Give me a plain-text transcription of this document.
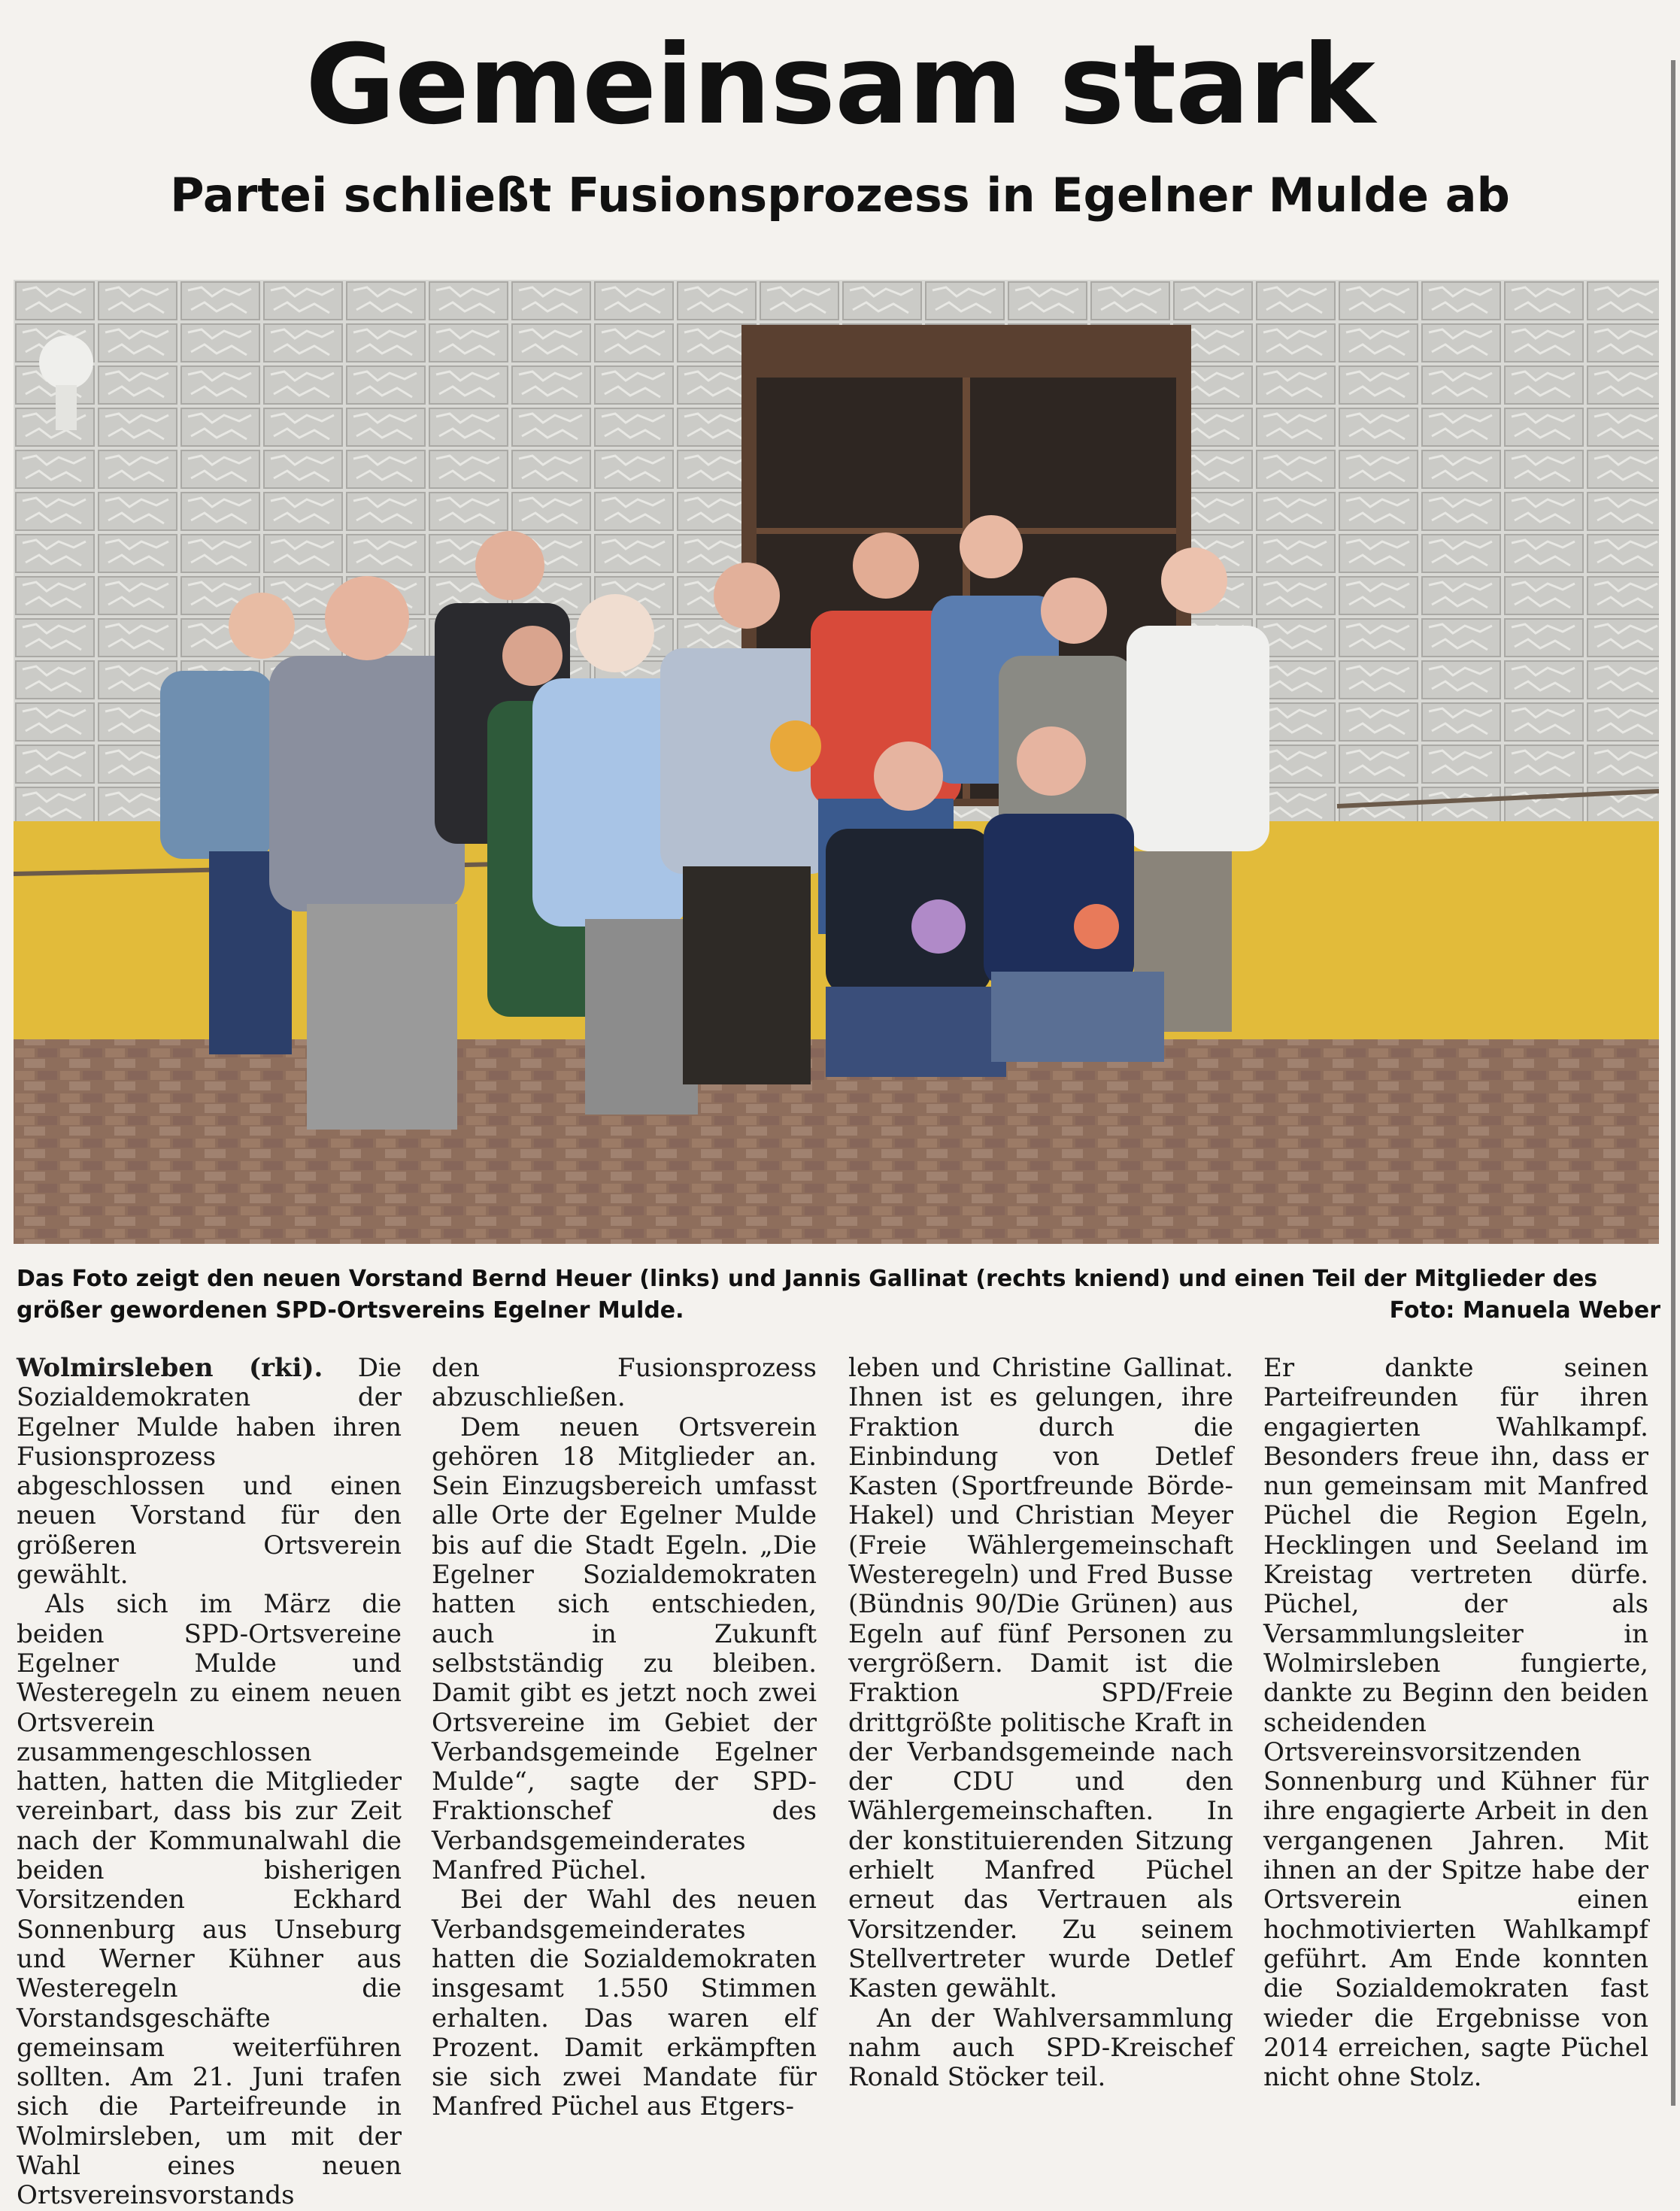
Gemeinsam stark
Partei schließt Fusionsprozess in Egelner Mulde ab
Das Foto zeigt den neuen Vorstand Bernd Heuer (links) und Jannis Gallinat (rechts kniend) und einen Teil der Mitglieder des größer gewordenen SPD-Ortsvereins Egelner Mulde.	Foto: Manuela Weber

Wolmirsleben (rki). Die Sozialdemokraten der Egelner Mulde haben ihren Fusionsprozess abgeschlossen und einen neuen Vorstand für den größeren Ortsverein gewählt.

Als sich im März die beiden SPD-Ortsvereine Egelner Mulde und Westeregeln zu einem neuen Ortsverein zusammengeschlossen hatten, hatten die Mitglieder vereinbart, dass bis zur Zeit nach der Kommunalwahl die beiden bisherigen Vorsitzenden Eckhard Sonnenburg aus Unseburg und Werner Kühner aus Westeregeln die Vorstandsgeschäfte gemeinsam weiterführen sollten. Am 21. Juni trafen sich die Parteifreunde in Wolmirsleben, um mit der Wahl eines neuen Ortsvereinsvorstands

den Fusionsprozess abzuschließen.

Dem neuen Ortsverein gehören 18 Mitglieder an. Sein Einzugsbereich umfasst alle Orte der Egelner Mulde bis auf die Stadt Egeln. „Die Egelner Sozialdemokraten hatten sich entschieden, auch in Zukunft selbstständig zu bleiben. Damit gibt es jetzt noch zwei Ortsvereine im Gebiet der Verbandsgemeinde Egelner Mulde“, sagte der SPD-Fraktionschef des Verbandsgemeinderates Manfred Püchel.

Bei der Wahl des neuen Verbandsgemeinderates hatten die Sozialdemokraten insgesamt 1.550 Stimmen erhalten. Das waren elf Prozent. Damit erkämpften sie sich zwei Mandate für Manfred Püchel aus Etgers-

leben und Christine Gallinat. Ihnen ist es gelungen, ihre Fraktion durch die Einbindung von Detlef Kasten (Sportfreunde Börde-Hakel) und Christian Meyer (Freie Wählergemeinschaft Westeregeln) und Fred Busse (Bündnis 90/Die Grünen) aus Egeln auf fünf Personen zu vergrößern. Damit ist die Fraktion SPD/Freie drittgrößte politische Kraft in der Verbandsgemeinde nach der CDU und den Wählergemeinschaften. In der konstituierenden Sitzung erhielt Manfred Püchel erneut das Vertrauen als Vorsitzender. Zu seinem Stellvertreter wurde Detlef Kasten gewählt.

An der Wahlversammlung nahm auch SPD-Kreischef Ronald Stöcker teil.

Er dankte seinen Parteifreunden für ihren engagierten Wahlkampf. Besonders freue ihn, dass er nun gemeinsam mit Manfred Püchel die Region Egeln, Hecklingen und Seeland im Kreistag vertreten dürfe. Püchel, der als Versammlungsleiter in Wolmirsleben fungierte, dankte zu Beginn den beiden scheidenden Ortsvereinsvorsitzenden Sonnenburg und Kühner für ihre engagierte Arbeit in den vergangenen Jahren. Mit ihnen an der Spitze habe der Ortsverein einen hochmotivierten Wahlkampf geführt. Am Ende konnten die Sozialdemokraten fast wieder die Ergebnisse von 2014 erreichen, sagte Püchel nicht ohne Stolz.
